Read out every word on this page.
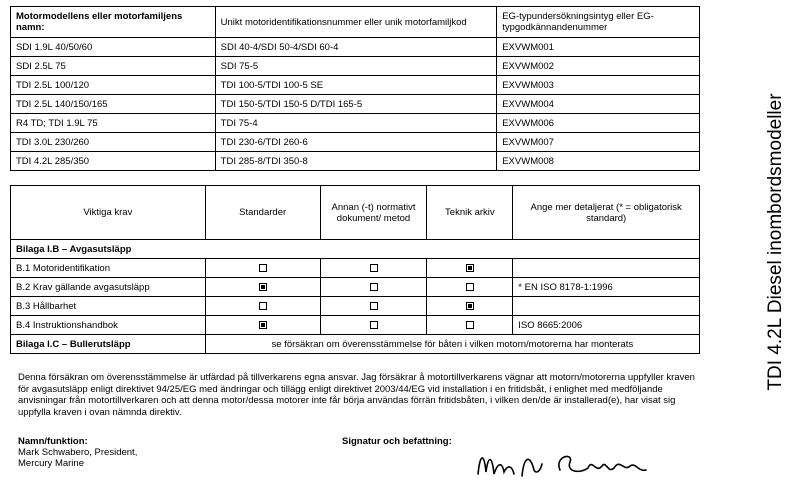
TDI 4.2L Diesel inombordsmodeller
Motormodellens eller motorfamiljens namn:	Unikt motoridentifikationsnummer eller unik motorfamiljkod	EG-typundersökningsintyg eller EG-typgodkännandenummer
SDI 1.9L 40/50/60	SDI 40-4/SDI 50-4/SDI 60-4	EXVWM001
SDI 2.5L 75	SDI 75-5	EXVWM002
TDI 2.5L 100/120	TDI 100-5/TDI 100-5 SE	EXVWM003
TDI 2.5L 140/150/165	TDI 150-5/TDI 150-5 D/TDI 165-5	EXVWM004
R4 TD; TDI 1.9L 75	TDI 75-4	EXVWM006
TDI 3.0L 230/260	TDI 230-6/TDI 260-6	EXVWM007
TDI 4.2L 285/350	TDI 285-8/TDI 350-8	EXVWM008
Viktiga krav	Standarder	Annan (-t) normativt dokument/ metod	Teknik arkiv	Ange mer detaljerat (* = obligatorisk standard)
Bilaga I.B – Avgasutsläpp				
B.1 Motoridentifikation				
B.2 Krav gällande avgasutsläpp				* EN ISO 8178-1:1996
B.3 Hållbarhet				
B.4 Instruktionshandbok				ISO 8665:2006
Bilaga I.C – Bullerutsläpp	se försäkran om överensstämmelse för båten i vilken motorn/motorerna har monterats			
Denna försäkran om överensstämmelse är utfärdad på tillverkarens egna ansvar. Jag försäkrar å motortillverkarens vägnar att motorn/motorerna uppfyller kraven för avgasutsläpp enligt direktivet 94/25/EG med ändringar och tillägg enligt direktivet 2003/44/EG vid installation i en fritidsbåt, i enlighet med medföljande anvisningar från motortillverkaren och att denna motor/dessa motorer inte får börja användas förrän fritidsbåten, i vilken den/de är installerad(e), har visat sig uppfylla kraven i ovan nämnda direktiv.
Namn/funktion:
Mark Schwabero, President,
Mercury Marine
Signatur och befattning:
